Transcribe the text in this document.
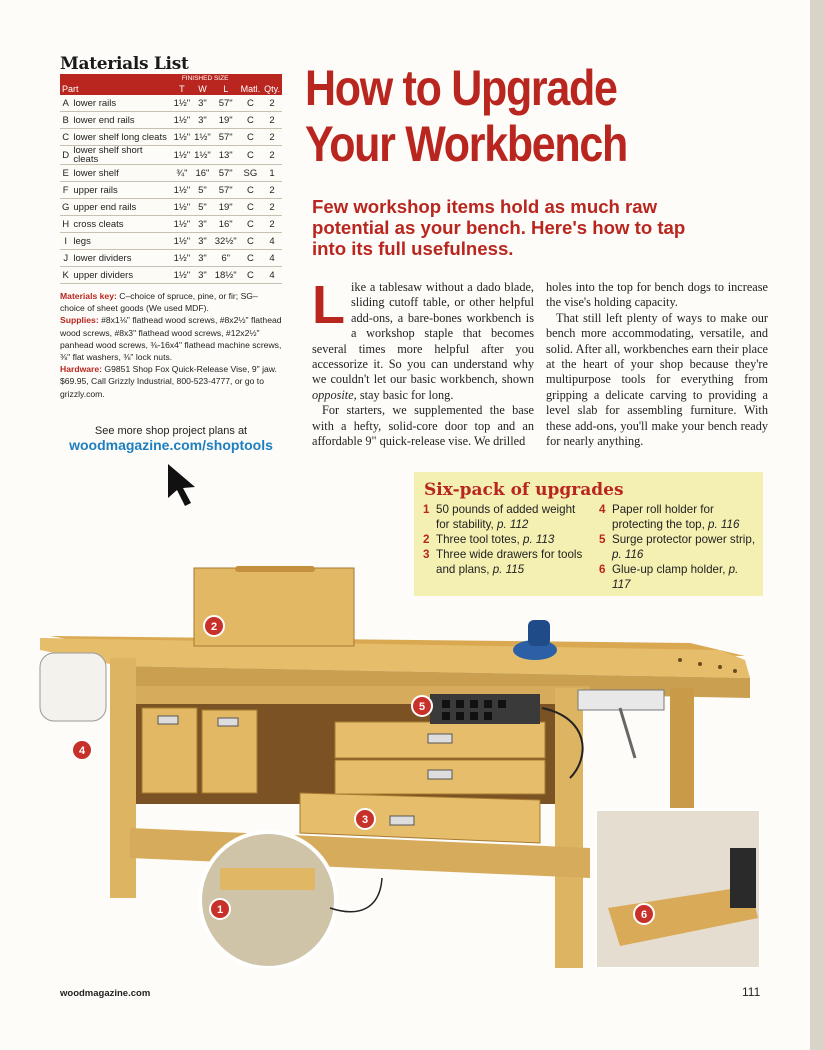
Materials List
		FINISHED SIZE				
Part		T	W	L	Matl.	Qty.
A	lower rails	1½"	3"	57"	C	2
B	lower end rails	1½"	3"	19"	C	2
C	lower shelf long cleats	1½"	1½"	57"	C	2
D	lower shelf short cleats	1½"	1½"	13"	C	2
E	lower shelf	¾"	16"	57"	SG	1
F	upper rails	1½"	5"	57"	C	2
G	upper end rails	1½"	5"	19"	C	2
H	cross cleats	1½"	3"	16"	C	2
I	legs	1½"	3"	32½"	C	4
J	lower dividers	1½"	3"	6"	C	4
K	upper dividers	1½"	3"	18½"	C	4
Materials key: C–choice of spruce, pine, or fir; SG–choice of sheet goods (We used MDF).
Supplies: #8x1⅛" flathead wood screws, #8x2½" flathead wood screws, #8x3" flathead wood screws, #12x2½" panhead wood screws, ⅜-16x4" flathead machine screws, ⅜" flat washers, ⅜" lock nuts.
Hardware: G9851 Shop Fox Quick-Release Vise, 9" jaw. $69.95, Call Grizzly Industrial, 800-523-4777, or go to grizzly.com.
See more shop project plans at
woodmagazine.com/shoptools
How to Upgrade
Your Workbench
Few workshop items hold as much raw potential as your bench. Here's how to tap into its full usefulness.

Like a tablesaw without a dado blade, sliding cutoff table, or other helpful add-ons, a bare-bones workbench is a workshop staple that becomes several times more helpful after you accessorize it. So you can understand why we couldn't let our basic workbench, shown opposite, stay basic for long.

For starters, we supplemented the base with a hefty, solid-core door top and an affordable 9" quick-release vise. We drilled

holes into the top for bench dogs to increase the vise's holding capacity.

That still left plenty of ways to make our bench more accommodating, versatile, and solid. After all, workbenches earn their place at the heart of your shop because they're multipurpose tools for everything from gripping a delicate carving to providing a level slab for assembling furniture. With these add-ons, you'll make your bench ready for nearly anything.

Six-pack of upgrades
1 50 pounds of added weight for stability, p. 112
2 Three tool totes, p. 113
3 Three wide drawers for tools and plans, p. 115
4 Paper roll holder for protecting the top, p. 116
5 Surge protector power strip, p. 116
6 Glue-up clamp holder, p. 117
2
4
5
3
1	6
woodmagazine.com	111
